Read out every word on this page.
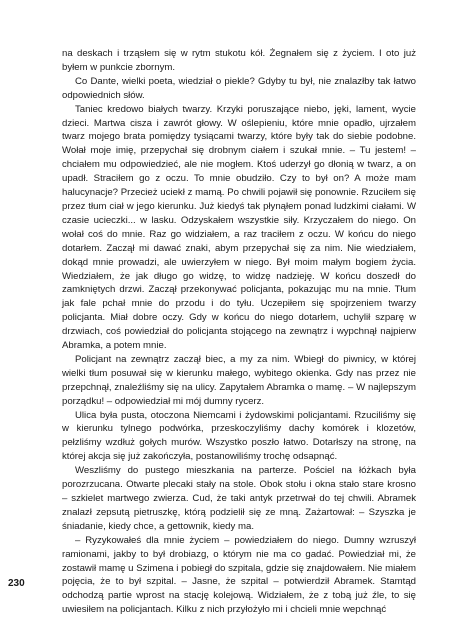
na deskach i trząsłem się w rytm stukotu kół. Żegnałem się z życiem. I oto już byłem w punkcie zbornym.

Co Dante, wielki poeta, wiedział o piekle? Gdyby tu był, nie znalazłby tak łatwo odpowiednich słów.

Taniec kredowo białych twarzy. Krzyki poruszające niebo, jęki, lament, wycie dzieci. Martwa cisza i zawrót głowy. W oślepieniu, które mnie opadło, ujrzałem twarz mojego brata pomiędzy tysiącami twarzy, które były tak do siebie podobne. Wołał moje imię, przepychał się drobnym ciałem i szukał mnie. – Tu jestem! – chciałem mu odpowiedzieć, ale nie mogłem. Ktoś uderzył go dłonią w twarz, a on upadł. Straciłem go z oczu. To mnie obudziło. Czy to był on? A może mam halucynacje? Przecież uciekł z mamą. Po chwili pojawił się ponownie. Rzuciłem się przez tłum ciał w jego kierunku. Już kiedyś tak płynąłem ponad ludzkimi ciałami. W czasie ucieczki... w lasku. Odzyskałem wszystkie siły. Krzyczałem do niego. On wołał coś do mnie. Raz go widziałem, a raz traciłem z oczu. W końcu do niego dotarłem. Zaczął mi dawać znaki, abym przepychał się za nim. Nie wiedziałem, dokąd mnie prowadzi, ale uwierzyłem w niego. Był moim małym bogiem życia. Wiedziałem, że jak długo go widzę, to widzę nadzieję. W końcu doszedł do zamkniętych drzwi. Zaczął przekonywać policjanta, pokazując mu na mnie. Tłum jak fale pchał mnie do przodu i do tyłu. Uczepiłem się spojrzeniem twarzy policjanta. Miał dobre oczy. Gdy w końcu do niego dotarłem, uchylił szparę w drzwiach, coś powiedział do policjanta stojącego na zewnątrz i wypchnął najpierw Abramka, a potem mnie.

Policjant na zewnątrz zaczął biec, a my za nim. Wbiegł do piwnicy, w której wielki tłum posuwał się w kierunku małego, wybitego okienka. Gdy nas przez nie przepchnął, znaleźliśmy się na ulicy. Zapytałem Abramka o mamę. – W najlepszym porządku! – odpowiedział mi mój dumny rycerz.

Ulica była pusta, otoczona Niemcami i żydowskimi policjantami. Rzuciliśmy się w kierunku tylnego podwórka, przeskoczyliśmy dachy komórek i klozetów, pełzliśmy wzdłuż gołych murów. Wszystko poszło łatwo. Dotarłszy na stronę, na której akcja się już zakończyła, postanowiliśmy trochę odsapnąć.

Weszliśmy do pustego mieszkania na parterze. Pościel na łóżkach była porozrzucana. Otwarte plecaki stały na stole. Obok stołu i okna stało stare krosno – szkielet martwego zwierza. Cud, że taki antyk przetrwał do tej chwili. Abramek znalazł zepsutą pietruszkę, którą podzielił się ze mną. Zażartował: – Szyszka je śniadanie, kiedy chce, a gettownik, kiedy ma.

– Ryzykowałeś dla mnie życiem – powiedziałem do niego. Dumny wzruszył ramionami, jakby to był drobiazg, o którym nie ma co gadać. Powiedział mi, że zostawił mamę u Szimena i pobiegł do szpitala, gdzie się znajdowałem. Nie miałem pojęcia, że to był szpital. – Jasne, że szpital – potwierdził Abramek. Stamtąd odchodzą partie wprost na stację kolejową. Widziałem, że z tobą już źle, to się uwiesiłem na policjantach. Kilku z nich przyłożyło mi i chcieli mnie wepchnąć

230
